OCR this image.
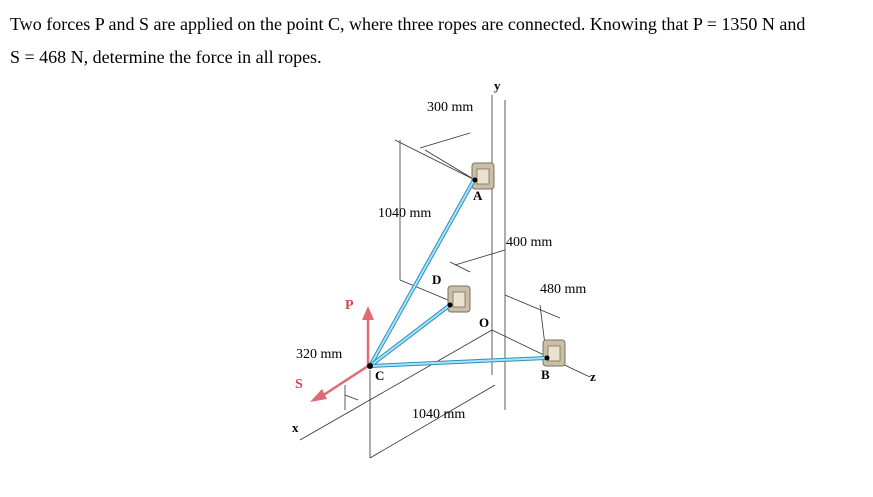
Two forces P and S are applied on the point C, where three ropes are connected. Knowing that P = 1350 N and

S = 468 N, determine the force in all ropes.

y
x
z
A
B
C
D
O
P
S
300 mm
1040 mm
400 mm
480 mm
320 mm
1040 mm
